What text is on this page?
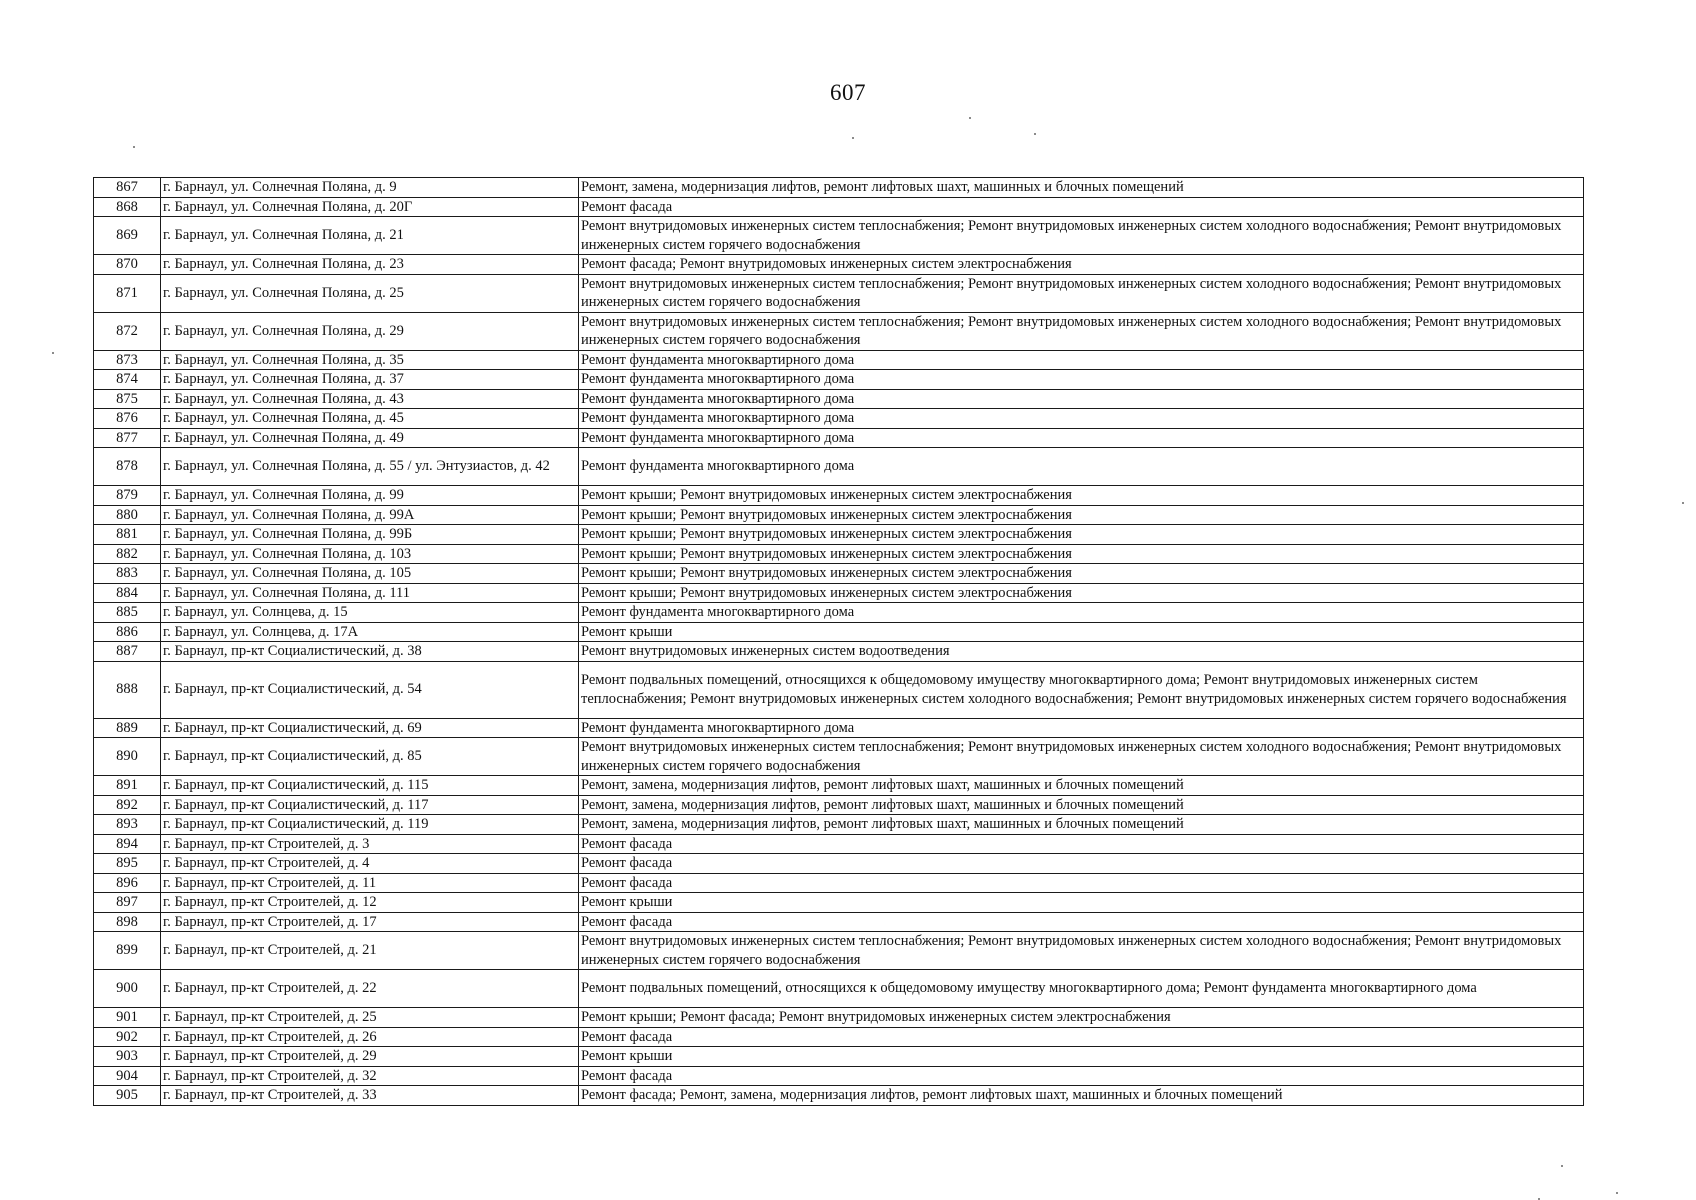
607
867	г. Барнаул, ул. Солнечная Поляна, д. 9	Ремонт, замена, модернизация лифтов, ремонт лифтовых шахт, машинных и блочных помещений
868	г. Барнаул, ул. Солнечная Поляна, д. 20Г	Ремонт фасада
869	г. Барнаул, ул. Солнечная Поляна, д. 21	Ремонт внутридомовых инженерных систем теплоснабжения; Ремонт внутридомовых инженерных систем холодного водоснабжения; Ремонт внутридомовых инженерных систем горячего водоснабжения
870	г. Барнаул, ул. Солнечная Поляна, д. 23	Ремонт фасада; Ремонт внутридомовых инженерных систем электроснабжения
871	г. Барнаул, ул. Солнечная Поляна, д. 25	Ремонт внутридомовых инженерных систем теплоснабжения; Ремонт внутридомовых инженерных систем холодного водоснабжения; Ремонт внутридомовых инженерных систем горячего водоснабжения
872	г. Барнаул, ул. Солнечная Поляна, д. 29	Ремонт внутридомовых инженерных систем теплоснабжения; Ремонт внутридомовых инженерных систем холодного водоснабжения; Ремонт внутридомовых инженерных систем горячего водоснабжения
873	г. Барнаул, ул. Солнечная Поляна, д. 35	Ремонт фундамента многоквартирного дома
874	г. Барнаул, ул. Солнечная Поляна, д. 37	Ремонт фундамента многоквартирного дома
875	г. Барнаул, ул. Солнечная Поляна, д. 43	Ремонт фундамента многоквартирного дома
876	г. Барнаул, ул. Солнечная Поляна, д. 45	Ремонт фундамента многоквартирного дома
877	г. Барнаул, ул. Солнечная Поляна, д. 49	Ремонт фундамента многоквартирного дома
878	г. Барнаул, ул. Солнечная Поляна, д. 55 / ул. Энтузиастов, д. 42	Ремонт фундамента многоквартирного дома
879	г. Барнаул, ул. Солнечная Поляна, д. 99	Ремонт крыши; Ремонт внутридомовых инженерных систем электроснабжения
880	г. Барнаул, ул. Солнечная Поляна, д. 99А	Ремонт крыши; Ремонт внутридомовых инженерных систем электроснабжения
881	г. Барнаул, ул. Солнечная Поляна, д. 99Б	Ремонт крыши; Ремонт внутридомовых инженерных систем электроснабжения
882	г. Барнаул, ул. Солнечная Поляна, д. 103	Ремонт крыши; Ремонт внутридомовых инженерных систем электроснабжения
883	г. Барнаул, ул. Солнечная Поляна, д. 105	Ремонт крыши; Ремонт внутридомовых инженерных систем электроснабжения
884	г. Барнаул, ул. Солнечная Поляна, д. 111	Ремонт крыши; Ремонт внутридомовых инженерных систем электроснабжения
885	г. Барнаул, ул. Солнцева, д. 15	Ремонт фундамента многоквартирного дома
886	г. Барнаул, ул. Солнцева, д. 17А	Ремонт крыши
887	г. Барнаул, пр-кт Социалистический, д. 38	Ремонт внутридомовых инженерных систем водоотведения
888	г. Барнаул, пр-кт Социалистический, д. 54	Ремонт подвальных помещений, относящихся к общедомовому имуществу многоквартирного дома; Ремонт внутридомовых инженерных систем теплоснабжения; Ремонт внутридомовых инженерных систем холодного водоснабжения; Ремонт внутридомовых инженерных систем горячего водоснабжения
889	г. Барнаул, пр-кт Социалистический, д. 69	Ремонт фундамента многоквартирного дома
890	г. Барнаул, пр-кт Социалистический, д. 85	Ремонт внутридомовых инженерных систем теплоснабжения; Ремонт внутридомовых инженерных систем холодного водоснабжения; Ремонт внутридомовых инженерных систем горячего водоснабжения
891	г. Барнаул, пр-кт Социалистический, д. 115	Ремонт, замена, модернизация лифтов, ремонт лифтовых шахт, машинных и блочных помещений
892	г. Барнаул, пр-кт Социалистический, д. 117	Ремонт, замена, модернизация лифтов, ремонт лифтовых шахт, машинных и блочных помещений
893	г. Барнаул, пр-кт Социалистический, д. 119	Ремонт, замена, модернизация лифтов, ремонт лифтовых шахт, машинных и блочных помещений
894	г. Барнаул, пр-кт Строителей, д. 3	Ремонт фасада
895	г. Барнаул, пр-кт Строителей, д. 4	Ремонт фасада
896	г. Барнаул, пр-кт Строителей, д. 11	Ремонт фасада
897	г. Барнаул, пр-кт Строителей, д. 12	Ремонт крыши
898	г. Барнаул, пр-кт Строителей, д. 17	Ремонт фасада
899	г. Барнаул, пр-кт Строителей, д. 21	Ремонт внутридомовых инженерных систем теплоснабжения; Ремонт внутридомовых инженерных систем холодного водоснабжения; Ремонт внутридомовых инженерных систем горячего водоснабжения
900	г. Барнаул, пр-кт Строителей, д. 22	Ремонт подвальных помещений, относящихся к общедомовому имуществу многоквартирного дома; Ремонт фундамента многоквартирного дома
901	г. Барнаул, пр-кт Строителей, д. 25	Ремонт крыши; Ремонт фасада; Ремонт внутридомовых инженерных систем электроснабжения
902	г. Барнаул, пр-кт Строителей, д. 26	Ремонт фасада
903	г. Барнаул, пр-кт Строителей, д. 29	Ремонт крыши
904	г. Барнаул, пр-кт Строителей, д. 32	Ремонт фасада
905	г. Барнаул, пр-кт Строителей, д. 33	Ремонт фасада; Ремонт, замена, модернизация лифтов, ремонт лифтовых шахт, машинных и блочных помещений
